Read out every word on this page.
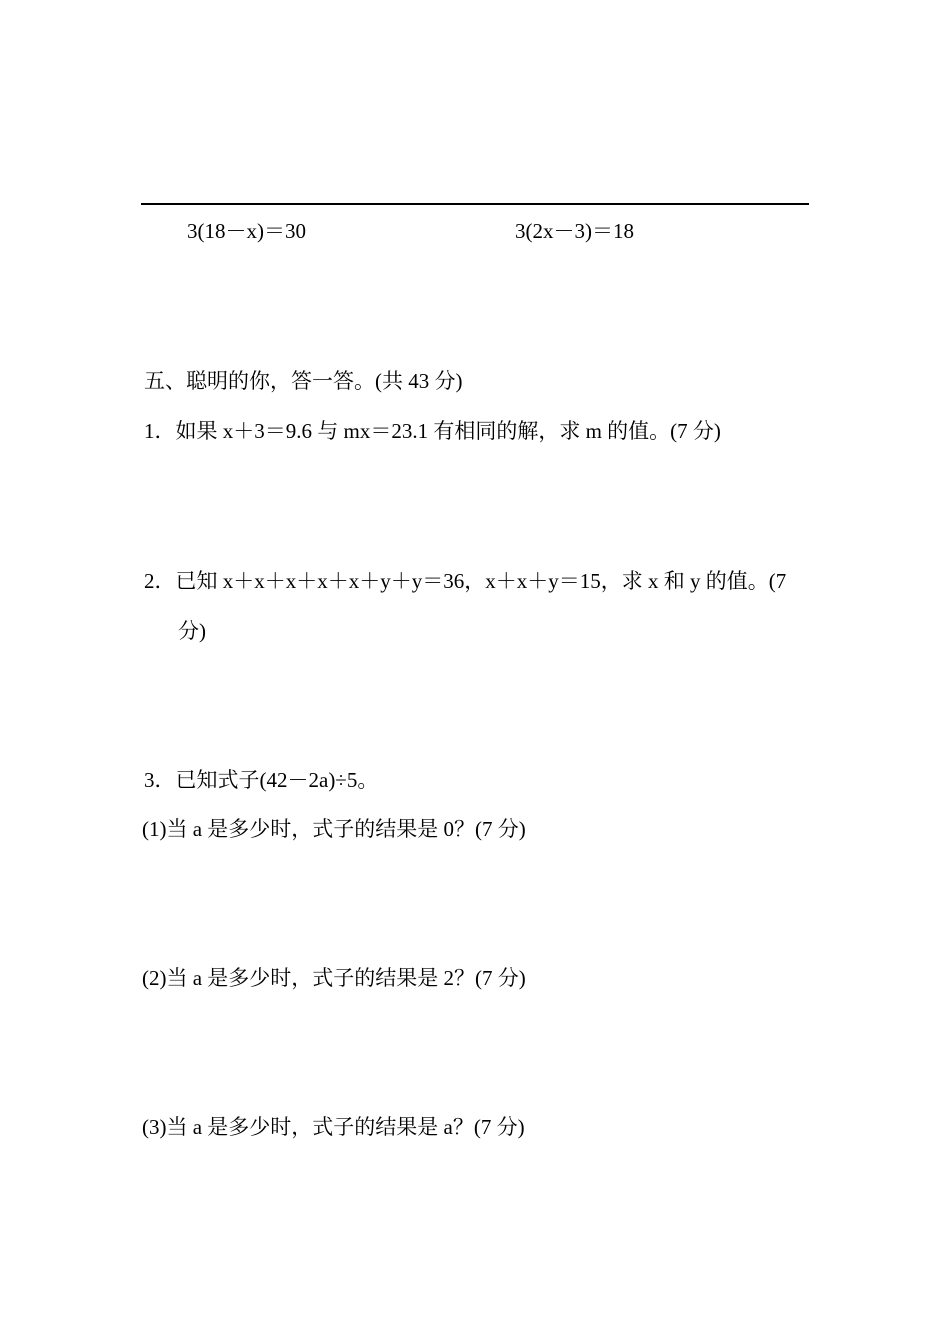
3(18－x)＝30	3(2x－3)＝18
五、聪明的你，答一答。(共 43 分)
1．如果 x＋3＝9.6 与 mx＝23.1 有相同的解，求 m 的值。(7 分)
2．已知 x＋x＋x＋x＋x＋y＋y＝36，x＋x＋y＝15，求 x 和 y 的值。(7
分)
3．已知式子(42－2a)÷5。
(1)当 a 是多少时，式子的结果是 0？(7 分)
(2)当 a 是多少时，式子的结果是 2？(7 分)
(3)当 a 是多少时，式子的结果是 a？(7 分)
